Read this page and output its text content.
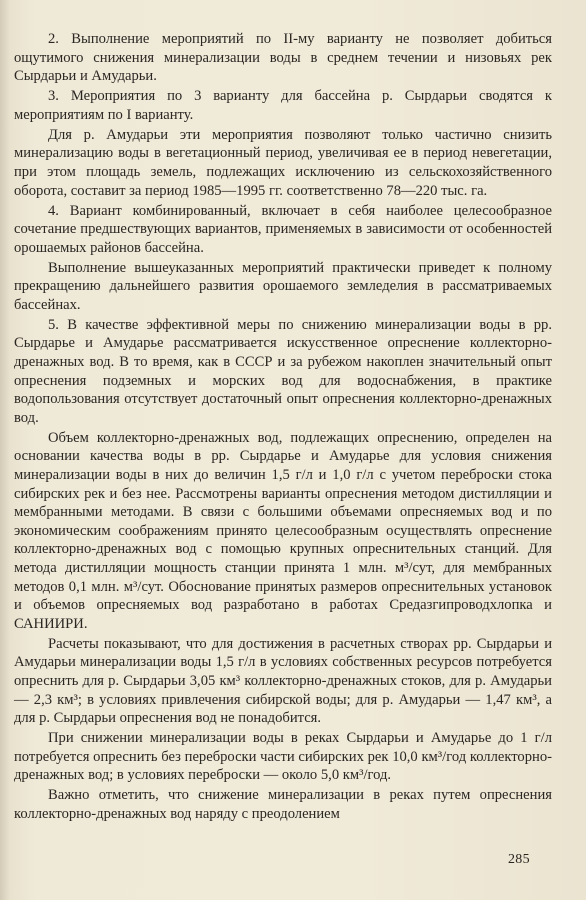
2. Выполнение мероприятий по II-му варианту не позволяет добиться ощутимого снижения минерализации воды в среднем течении и низовьях рек Сырдарьи и Амударьи.

3. Мероприятия по 3 варианту для бассейна р. Сырдарьи сводятся к мероприятиям по I варианту.

Для р. Амударьи эти мероприятия позволяют только частично снизить минерализацию воды в вегетационный период, увеличивая ее в период невегетации, при этом площадь земель, подлежащих исключению из сельскохозяйственного оборота, составит за период 1985—1995 гг. соответственно 78—220 тыс. га.

4. Вариант комбинированный, включает в себя наиболее целесообразное сочетание предшествующих вариантов, применяемых в зависимости от особенностей орошаемых районов бассейна.

Выполнение вышеуказанных мероприятий практически приведет к полному прекращению дальнейшего развития орошаемого земледелия в рассматриваемых бассейнах.

5. В качестве эффективной меры по снижению минерализации воды в рр. Сырдарье и Амударье рассматривается искусственное опреснение коллекторно-дренажных вод. В то время, как в СССР и за рубежом накоплен значительный опыт опреснения подземных и морских вод для водоснабжения, в практике водопользования отсутствует достаточный опыт опреснения коллекторно-дренажных вод.

Объем коллекторно-дренажных вод, подлежащих опреснению, определен на основании качества воды в рр. Сырдарье и Амударье для условия снижения минерализации воды в них до величин 1,5 г/л и 1,0 г/л с учетом переброски стока сибирских рек и без нее. Рассмотрены варианты опреснения методом дистилляции и мембранными методами. В связи с большими объемами опресняемых вод и по экономическим соображениям принято целесообразным осуществлять опреснение коллекторно-дренажных вод с помощью крупных опреснительных станций. Для метода дистилляции мощность станции принята 1 млн. м³/сут, для мембранных методов 0,1 млн. м³/сут. Обоснование принятых размеров опреснительных установок и объемов опресняемых вод разработано в работах Средазгипроводхлопка и САНИИРИ.

Расчеты показывают, что для достижения в расчетных створах рр. Сырдарьи и Амударьи минерализации воды 1,5 г/л в условиях собственных ресурсов потребуется опреснить для р. Сырдарьи 3,05 км³ коллекторно-дренажных стоков, для р. Амударьи — 2,3 км³; в условиях привлечения сибирской воды; для р. Амударьи — 1,47 км³, а для р. Сырдарьи опреснения вод не понадобится.

При снижении минерализации воды в реках Сырдарьи и Амударье до 1 г/л потребуется опреснить без переброски части сибирских рек 10,0 км³/год коллекторно-дренажных вод; в условиях переброски — около 5,0 км³/год.

Важно отметить, что снижение минерализации в реках путем опреснения коллекторно-дренажных вод наряду с преодолением

285
